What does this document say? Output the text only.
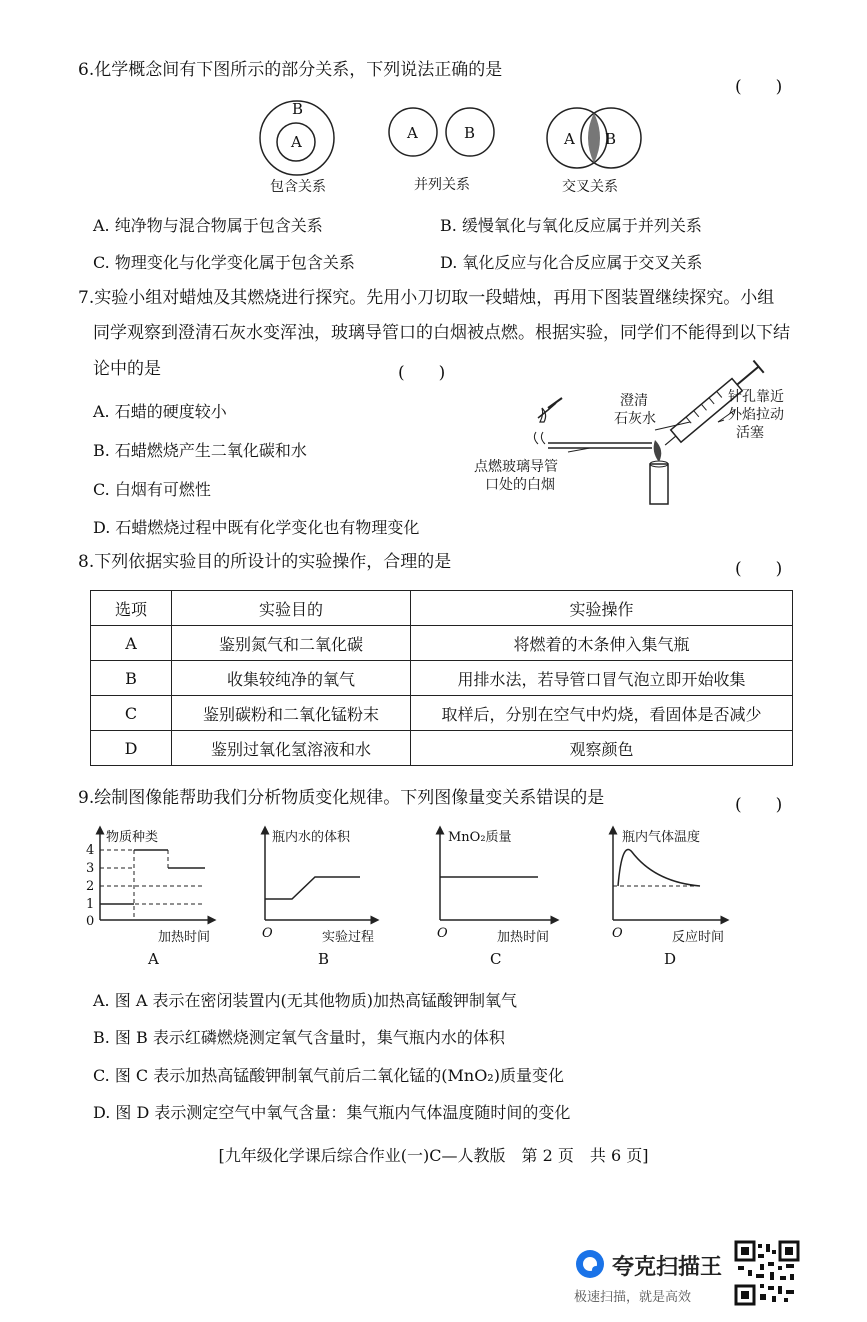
6.化学概念间有下图所示的部分关系，下列说法正确的是
(　　)
B
A
包含关系
A	B
并列关系
A B
交叉关系
A. 纯净物与混合物属于包含关系	B. 缓慢氧化与氧化反应属于并列关系
C. 物理变化与化学变化属于包含关系	D. 氧化反应与化合反应属于交叉关系
7.实验小组对蜡烛及其燃烧进行探究。先用小刀切取一段蜡烛，再用下图装置继续探究。小组
同学观察到澄清石灰水变浑浊，玻璃导管口的白烟被点燃。根据实验，同学们不能得到以下结
论中的是	(　　)
A. 石蜡的硬度较小
B. 石蜡燃烧产生二氧化碳和水
C. 白烟有可燃性
D. 石蜡燃烧过程中既有化学变化也有物理变化
澄清
石灰水
针孔靠近
外焰拉动
活塞
点燃玻璃导管
口处的白烟
8.下列依据实验目的所设计的实验操作，合理的是	(　　)
选项	实验目的	实验操作
A	鉴别氮气和二氧化碳	将燃着的木条伸入集气瓶
B	收集较纯净的氧气	用排水法，若导管口冒气泡立即开始收集
C	鉴别碳粉和二氧化锰粉末	取样后，分别在空气中灼烧，看固体是否减少
D	鉴别过氧化氢溶液和水	观察颜色
9.绘制图像能帮助我们分析物质变化规律。下列图像量变关系错误的是	(　　)
物质种类
4
3
2
1
0
加热时间
A
瓶内水的体积
O	实验过程
B
MnO₂质量
O	加热时间
C
瓶内气体温度
O	反应时间
D
A. 图 A 表示在密闭装置内(无其他物质)加热高锰酸钾制氧气
B. 图 B 表示红磷燃烧测定氧气含量时，集气瓶内水的体积
C. 图 C 表示加热高锰酸钾制氧气前后二氧化锰的(MnO₂)质量变化
D. 图 D 表示测定空气中氧气含量：集气瓶内气体温度随时间的变化
[九年级化学课后综合作业(一)C—人教版　第 2 页　共 6 页]
夸克扫描王
极速扫描，就是高效
